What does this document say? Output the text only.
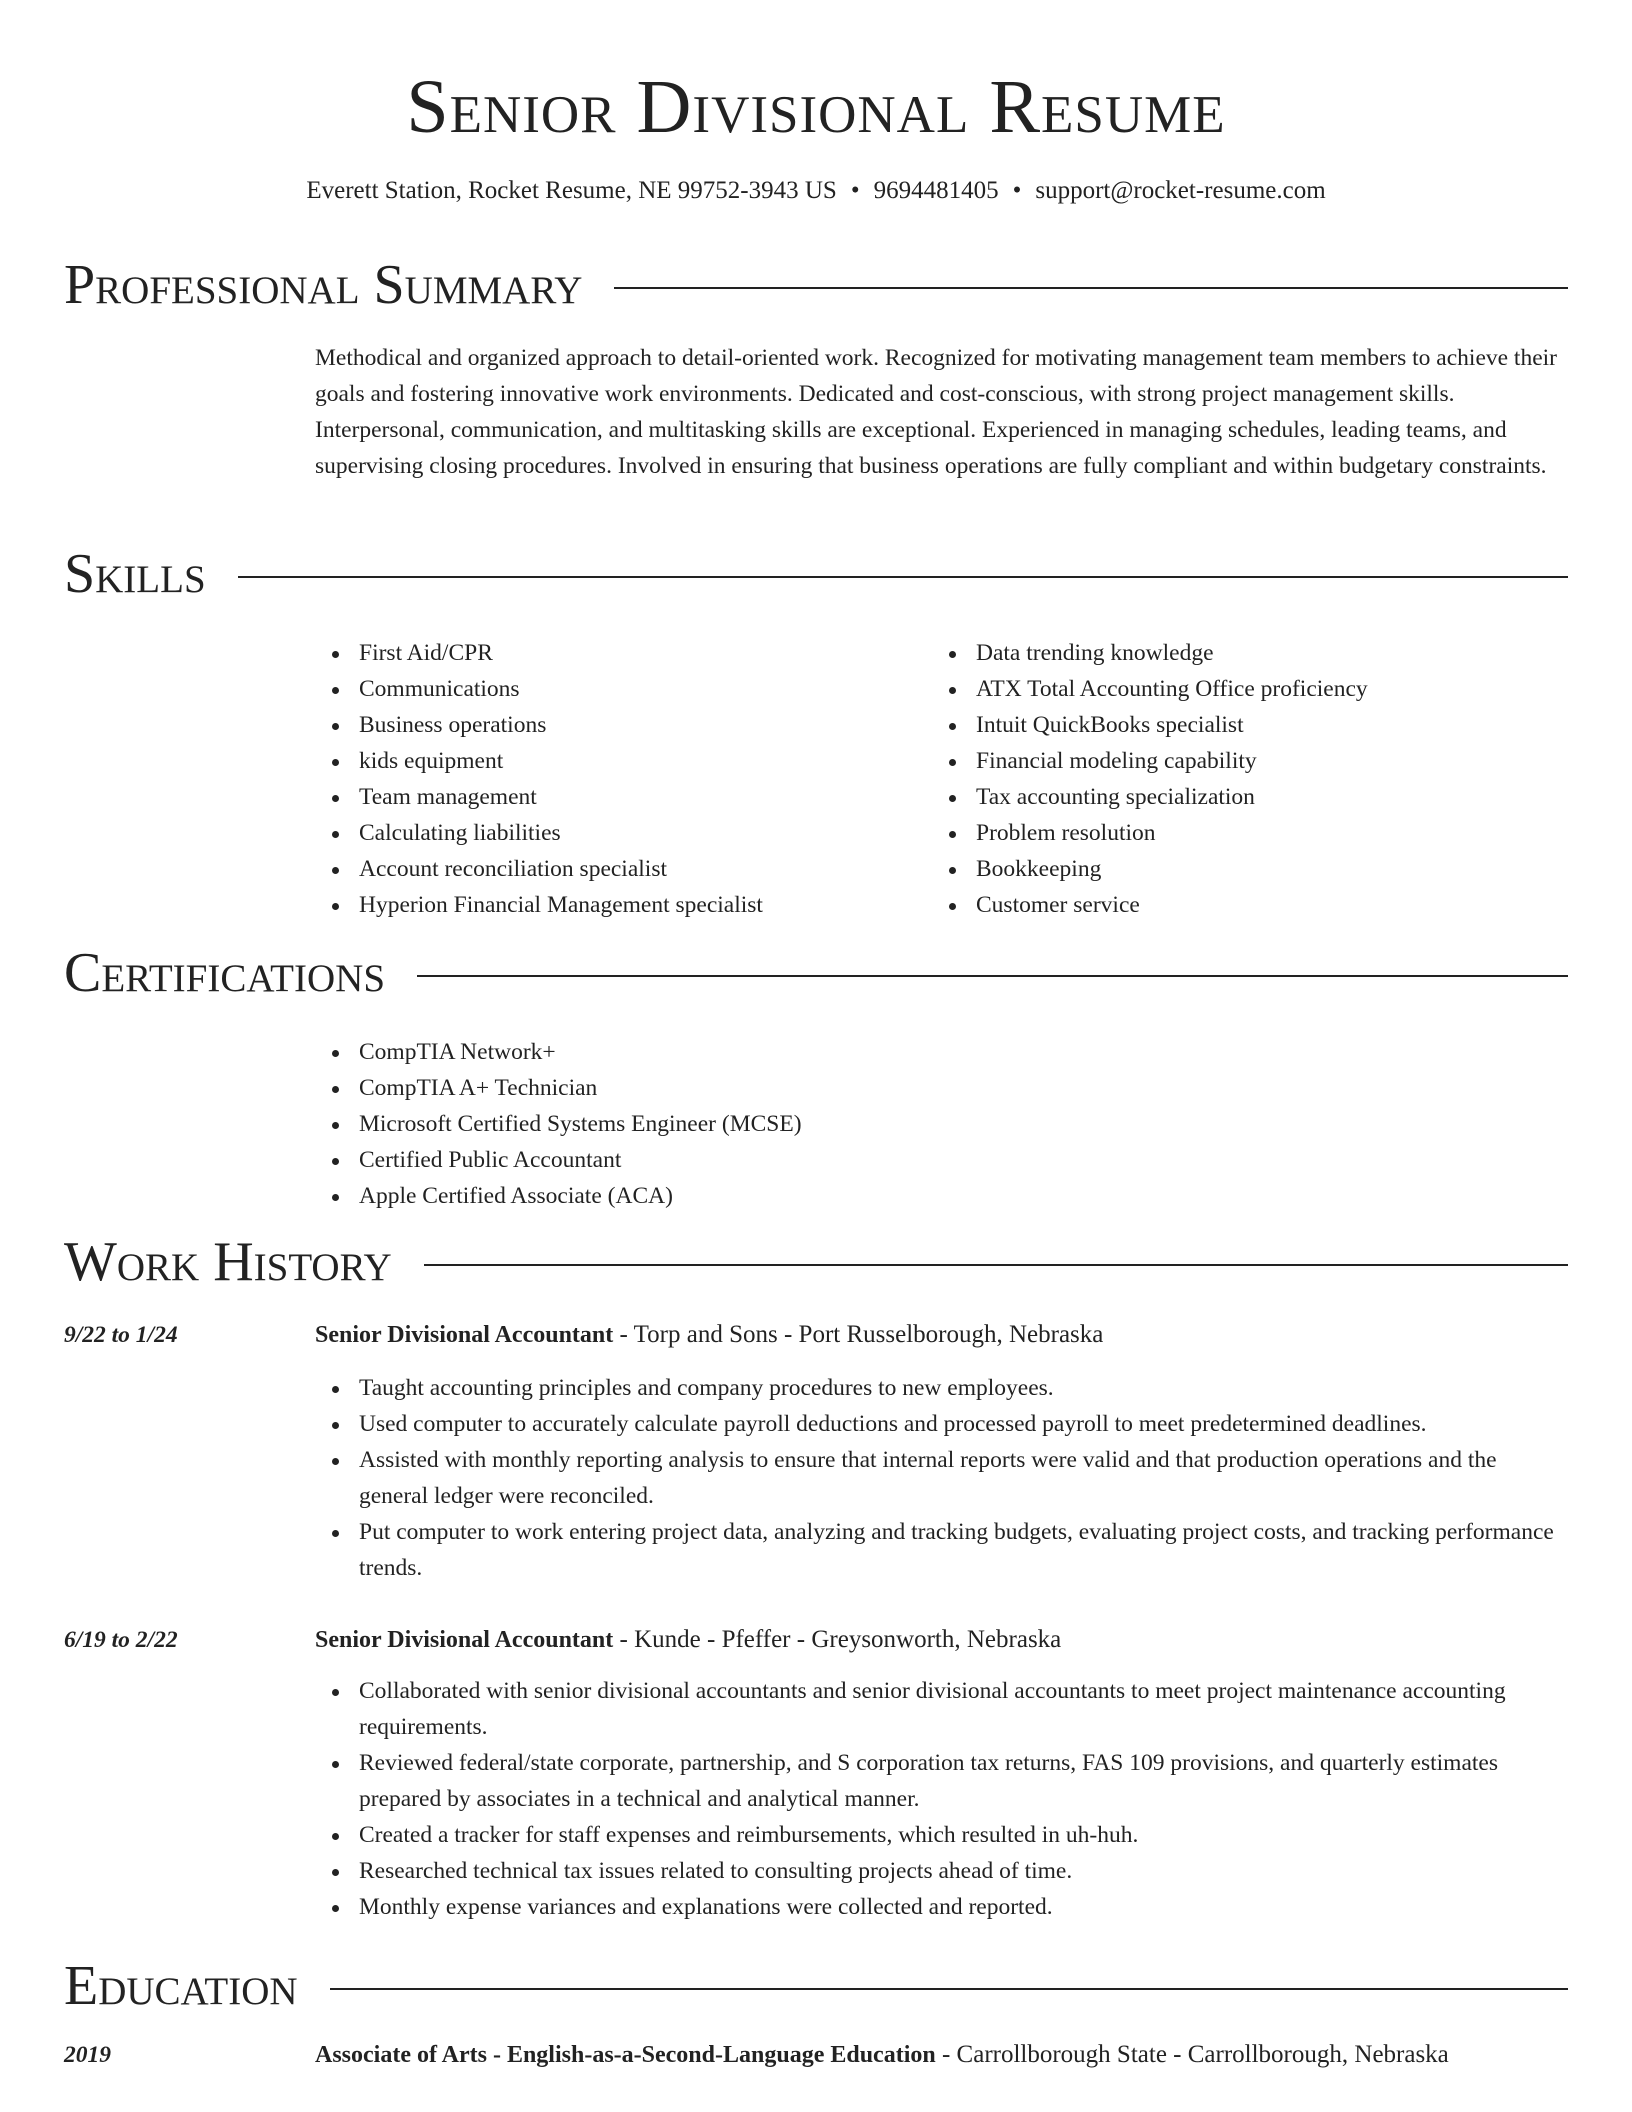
Senior Divisional Resume
Everett Station, Rocket Resume, NE 99752-3943 US • 9694481405 • support@rocket-resume.com
Professional Summary
Methodical and organized approach to detail-oriented work. Recognized for motivating management team members to achieve their goals and fostering innovative work environments. Dedicated and cost-conscious, with strong project management skills. Interpersonal, communication, and multitasking skills are exceptional. Experienced in managing schedules, leading teams, and supervising closing procedures. Involved in ensuring that business operations are fully compliant and within budgetary constraints.
Skills
First Aid/CPR
Communications
Business operations
kids equipment
Team management
Calculating liabilities
Account reconciliation specialist
Hyperion Financial Management specialist
Data trending knowledge
ATX Total Accounting Office proficiency
Intuit QuickBooks specialist
Financial modeling capability
Tax accounting specialization
Problem resolution
Bookkeeping
Customer service
Certifications
CompTIA Network+
CompTIA A+ Technician
Microsoft Certified Systems Engineer (MCSE)
Certified Public Accountant
Apple Certified Associate (ACA)
Work History
9/22 to 1/24	Senior Divisional Accountant - Torp and Sons - Port Russelborough, Nebraska
Taught accounting principles and company procedures to new employees.
Used computer to accurately calculate payroll deductions and processed payroll to meet predetermined deadlines.
Assisted with monthly reporting analysis to ensure that internal reports were valid and that production operations and the general ledger were reconciled.
Put computer to work entering project data, analyzing and tracking budgets, evaluating project costs, and tracking performance trends.
6/19 to 2/22	Senior Divisional Accountant - Kunde - Pfeffer - Greysonworth, Nebraska
Collaborated with senior divisional accountants and senior divisional accountants to meet project maintenance accounting requirements.
Reviewed federal/state corporate, partnership, and S corporation tax returns, FAS 109 provisions, and quarterly estimates prepared by associates in a technical and analytical manner.
Created a tracker for staff expenses and reimbursements, which resulted in uh-huh.
Researched technical tax issues related to consulting projects ahead of time.
Monthly expense variances and explanations were collected and reported.
Education
2019	Associate of Arts - English-as-a-Second-Language Education - Carrollborough State - Carrollborough, Nebraska
